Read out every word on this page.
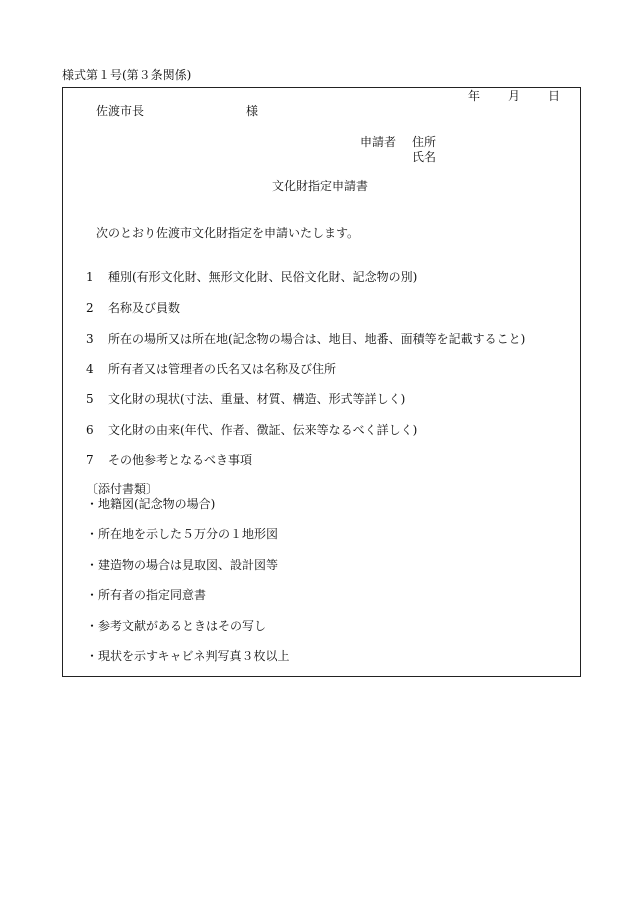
様式第１号(第３条関係)
年 月 日
佐渡市長	様
申請者 住所
氏名
文化財指定申請書
次のとおり佐渡市文化財指定を申請いたします。
1 種別(有形文化財、無形文化財、民俗文化財、記念物の別)
2 名称及び員数
3 所在の場所又は所在地(記念物の場合は、地目、地番、面積等を記載すること)
4 所有者又は管理者の氏名又は名称及び住所
5 文化財の現状(寸法、重量、材質、構造、形式等詳しく)
6 文化財の由来(年代、作者、徴証、伝来等なるべく詳しく)
7 その他参考となるべき事項
〔添付書類〕
・地籍図(記念物の場合)
・所在地を示した５万分の１地形図
・建造物の場合は見取図、設計図等
・所有者の指定同意書
・参考文献があるときはその写し
・現状を示すキャビネ判写真３枚以上
